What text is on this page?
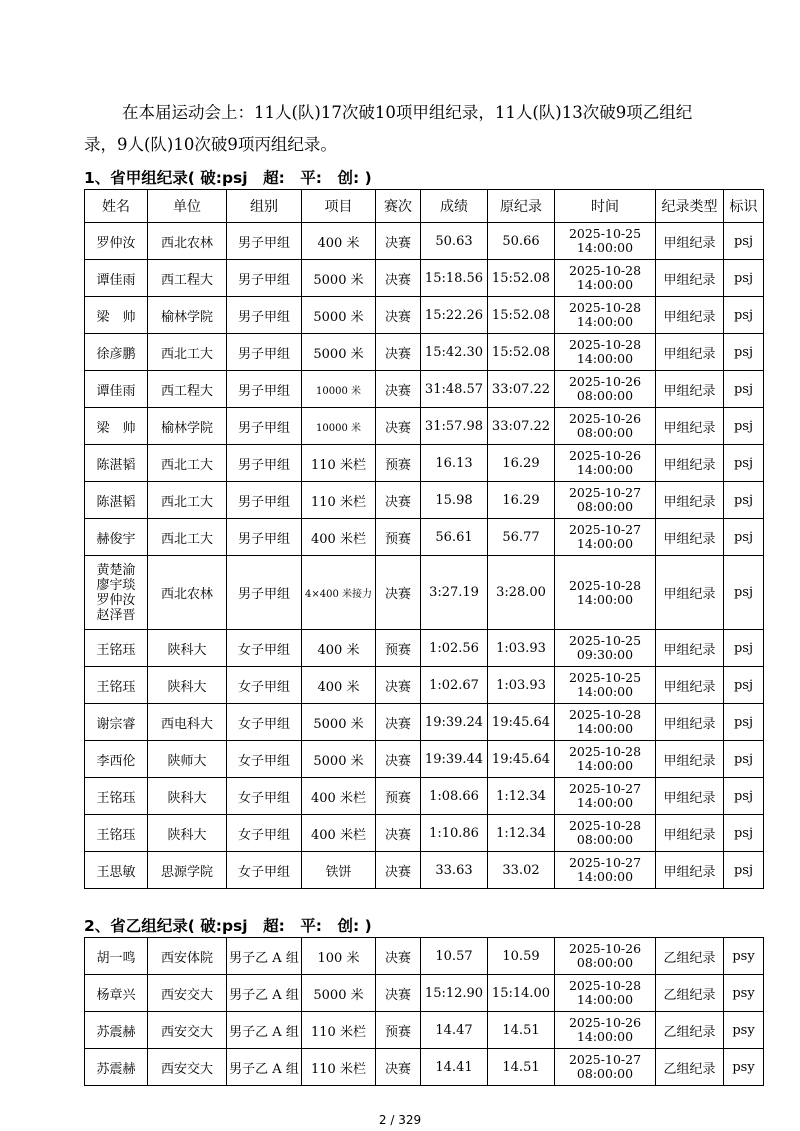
在本届运动会上：11人(队)17次破10项甲组纪录，11人(队)13次破9项乙组纪录，9人(队)10次破9项丙组纪录。
1、省甲组纪录( 破:psj　超:　平:　创: )
姓名	单位	组别	项目	赛次	成绩	原纪录	时间	纪录类型	标识
罗仲汝	西北农林	男子甲组	400 米	决赛	50.63	50.66	2025-10-25
14:00:00	甲组纪录	psj
谭佳雨	西工程大	男子甲组	5000 米	决赛	15:18.56	15:52.08	2025-10-28
14:00:00	甲组纪录	psj
梁　帅	榆林学院	男子甲组	5000 米	决赛	15:22.26	15:52.08	2025-10-28
14:00:00	甲组纪录	psj
徐彦鹏	西北工大	男子甲组	5000 米	决赛	15:42.30	15:52.08	2025-10-28
14:00:00	甲组纪录	psj
谭佳雨	西工程大	男子甲组	10000 米	决赛	31:48.57	33:07.22	2025-10-26
08:00:00	甲组纪录	psj
梁　帅	榆林学院	男子甲组	10000 米	决赛	31:57.98	33:07.22	2025-10-26
08:00:00	甲组纪录	psj
陈湛韬	西北工大	男子甲组	110 米栏	预赛	16.13	16.29	2025-10-26
14:00:00	甲组纪录	psj
陈湛韬	西北工大	男子甲组	110 米栏	决赛	15.98	16.29	2025-10-27
08:00:00	甲组纪录	psj
赫俊宇	西北工大	男子甲组	400 米栏	预赛	56.61	56.77	2025-10-27
14:00:00	甲组纪录	psj
黄楚渝 廖宇琰 罗仲汝 赵泽晋	西北农林	男子甲组	4×400 米接力	决赛	3:27.19	3:28.00	2025-10-28
14:00:00	甲组纪录	psj
王铭珏	陕科大	女子甲组	400 米	预赛	1:02.56	1:03.93	2025-10-25
09:30:00	甲组纪录	psj
王铭珏	陕科大	女子甲组	400 米	决赛	1:02.67	1:03.93	2025-10-25
14:00:00	甲组纪录	psj
谢宗睿	西电科大	女子甲组	5000 米	决赛	19:39.24	19:45.64	2025-10-28
14:00:00	甲组纪录	psj
李西伦	陕师大	女子甲组	5000 米	决赛	19:39.44	19:45.64	2025-10-28
14:00:00	甲组纪录	psj
王铭珏	陕科大	女子甲组	400 米栏	预赛	1:08.66	1:12.34	2025-10-27
14:00:00	甲组纪录	psj
王铭珏	陕科大	女子甲组	400 米栏	决赛	1:10.86	1:12.34	2025-10-28
08:00:00	甲组纪录	psj
王思敏	思源学院	女子甲组	铁饼	决赛	33.63	33.02	2025-10-27
14:00:00	甲组纪录	psj
2、省乙组纪录( 破:psj　超:　平:　创: )
胡一鸣	西安体院	男子乙 A 组	100 米	决赛	10.57	10.59	2025-10-26
08:00:00	乙组纪录	psy
杨章兴	西安交大	男子乙 A 组	5000 米	决赛	15:12.90	15:14.00	2025-10-28
14:00:00	乙组纪录	psy
苏震赫	西安交大	男子乙 A 组	110 米栏	预赛	14.47	14.51	2025-10-26
14:00:00	乙组纪录	psy
苏震赫	西安交大	男子乙 A 组	110 米栏	决赛	14.41	14.51	2025-10-27
08:00:00	乙组纪录	psy
2 / 329
